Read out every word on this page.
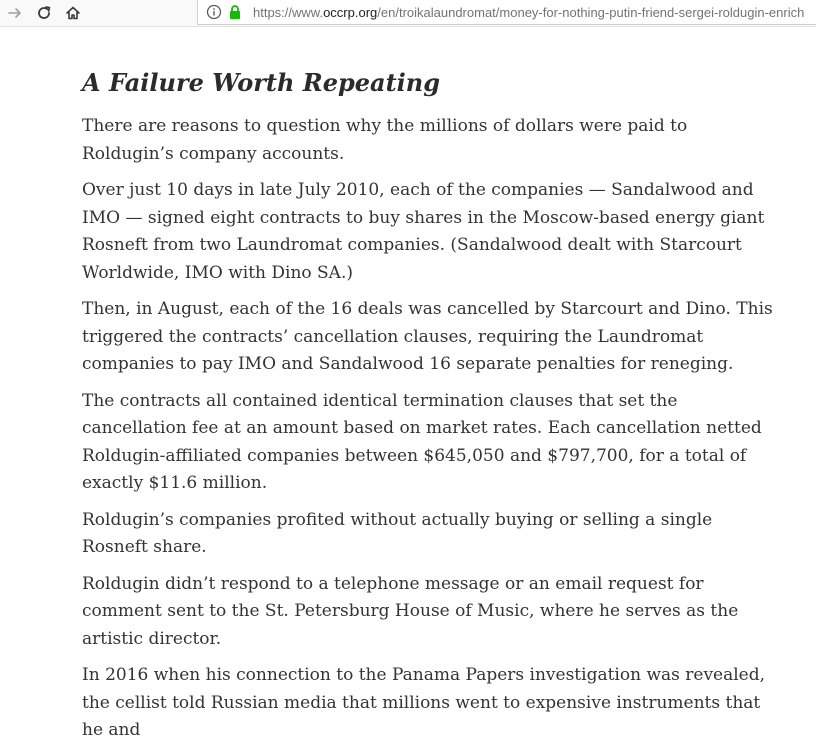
https://www.occrp.org/en/troikalaundromat/money-for-nothing-putin-friend-sergei-roldugin-enrich
A Failure Worth Repeating

There are reasons to question why the millions of dollars were paid to Roldugin’s company accounts.

Over just 10 days in late July 2010, each of the companies — Sandalwood and IMO — signed eight contracts to buy shares in the Moscow-based energy giant Rosneft from two Laundromat companies. (Sandalwood dealt with Starcourt Worldwide, IMO with Dino SA.)

Then, in August, each of the 16 deals was cancelled by Starcourt and Dino. This triggered the contracts’ cancellation clauses, requiring the Laundromat companies to pay IMO and Sandalwood 16 separate penalties for reneging.

The contracts all contained identical termination clauses that set the cancellation fee at an amount based on market rates. Each cancellation netted Roldugin-affiliated companies between $645,050 and $797,700, for a total of exactly $11.6 million.

Roldugin’s companies profited without actually buying or selling a single Rosneft share.

Roldugin didn’t respond to a telephone message or an email request for comment sent to the St. Petersburg House of Music, where he serves as the artistic director.

In 2016 when his connection to the Panama Papers investigation was revealed, the cellist told Russian media that millions went to expensive instruments that he and
